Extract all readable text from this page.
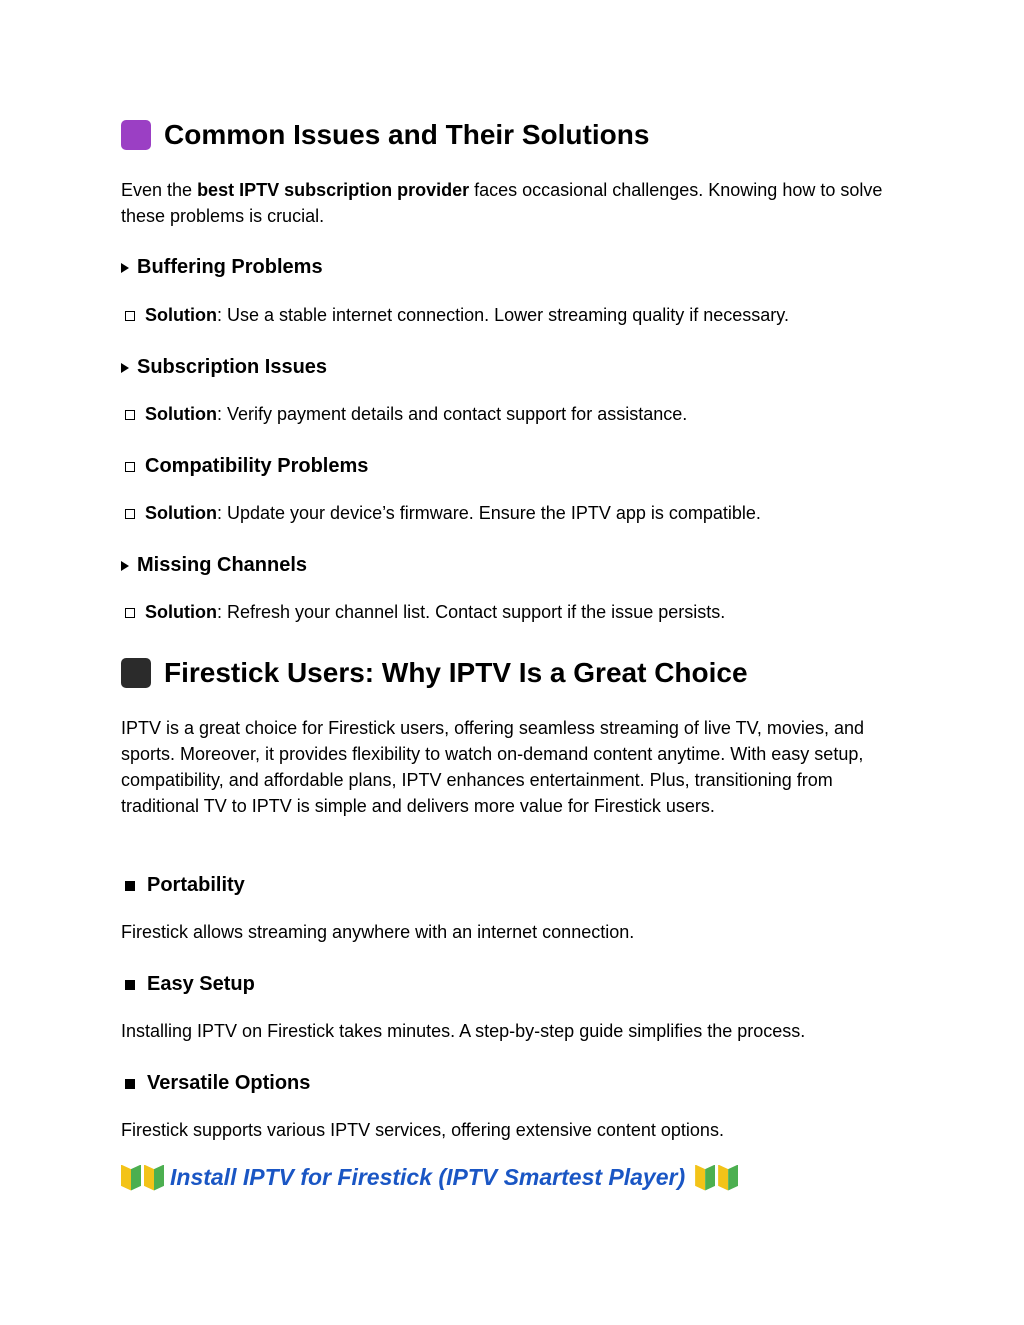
Common Issues and Their Solutions
Even the best IPTV subscription provider faces occasional challenges. Knowing how to solve these problems is crucial.
Buffering Problems
Solution : Use a stable internet connection. Lower streaming quality if necessary.
Subscription Issues
Solution : Verify payment details and contact support for assistance.
Compatibility Problems
Solution : Update your device’s firmware. Ensure the IPTV app is compatible.
Missing Channels
Solution : Refresh your channel list. Contact support if the issue persists.
Firestick Users: Why IPTV Is a Great Choice
IPTV is a great choice for Firestick users, offering seamless streaming of live TV, movies, and sports. Moreover, it provides flexibility to watch on-demand content anytime. With easy setup, compatibility, and affordable plans, IPTV enhances entertainment. Plus, transitioning from traditional TV to IPTV is simple and delivers more value for Firestick users.
Portability
Firestick allows streaming anywhere with an internet connection.
Easy Setup
Installing IPTV on Firestick takes minutes. A step-by-step guide simplifies the process.
Versatile Options
Firestick supports various IPTV services, offering extensive content options.
Install IPTV for Firestick (IPTV Smartest Player)
